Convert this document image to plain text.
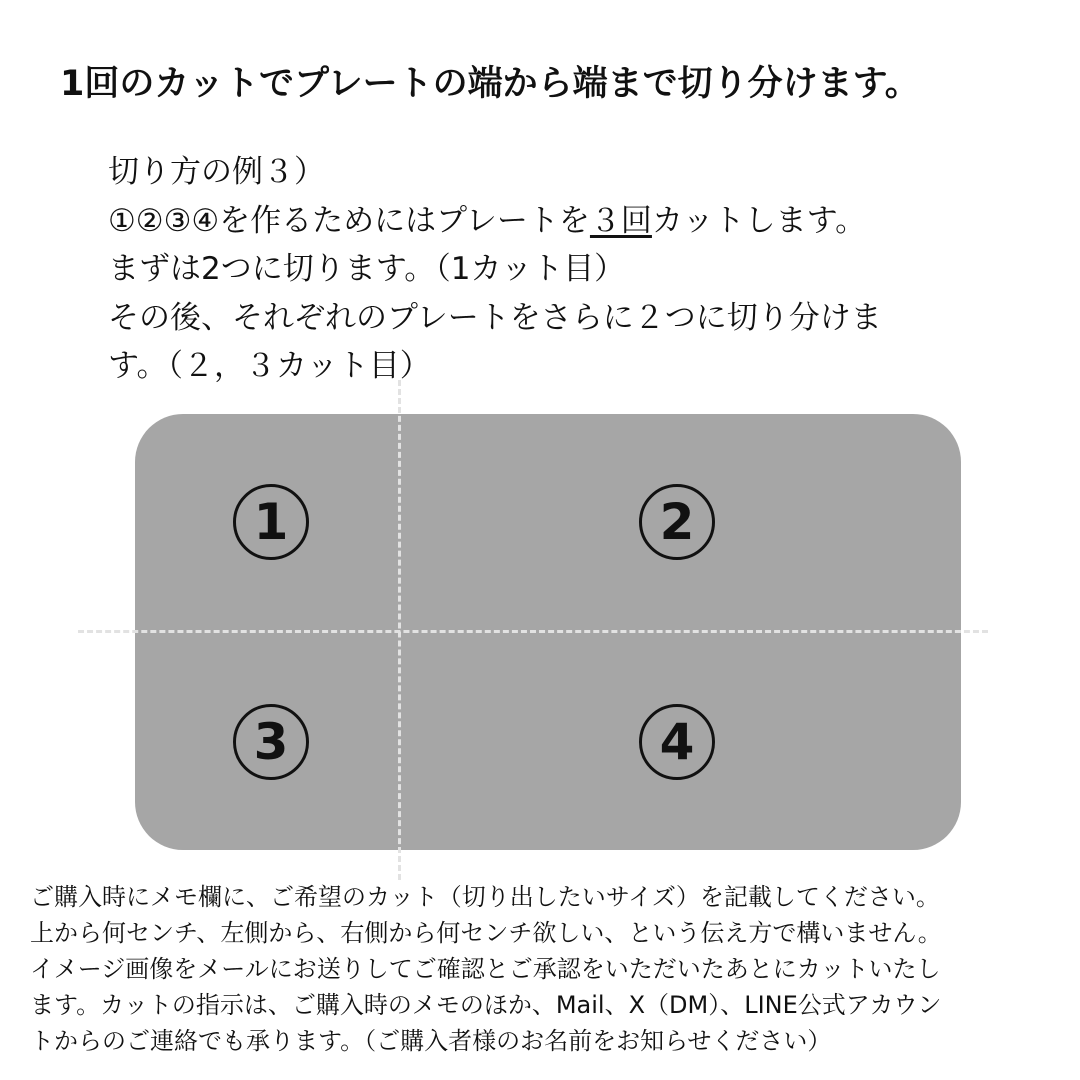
1回のカットでプレートの端から端まで切り分けます。
切り方の例３）
①②③④を作るためにはプレートを３回カットします。
まずは2つに切ります。（1カット目）
その後、それぞれのプレートをさらに２つに切り分けま
す。（２，３カット目）
1	2
3	4
ご購入時にメモ欄に、ご希望のカット（切り出したいサイズ）を記載してください。
上から何センチ、左側から、右側から何センチ欲しい、という伝え方で構いません。
イメージ画像をメールにお送りしてご確認とご承認をいただいたあとにカットいたし
ます。カットの指示は、ご購入時のメモのほか、Mail、X（DM）、LINE公式アカウン
トからのご連絡でも承ります。（ご購入者様のお名前をお知らせください）
